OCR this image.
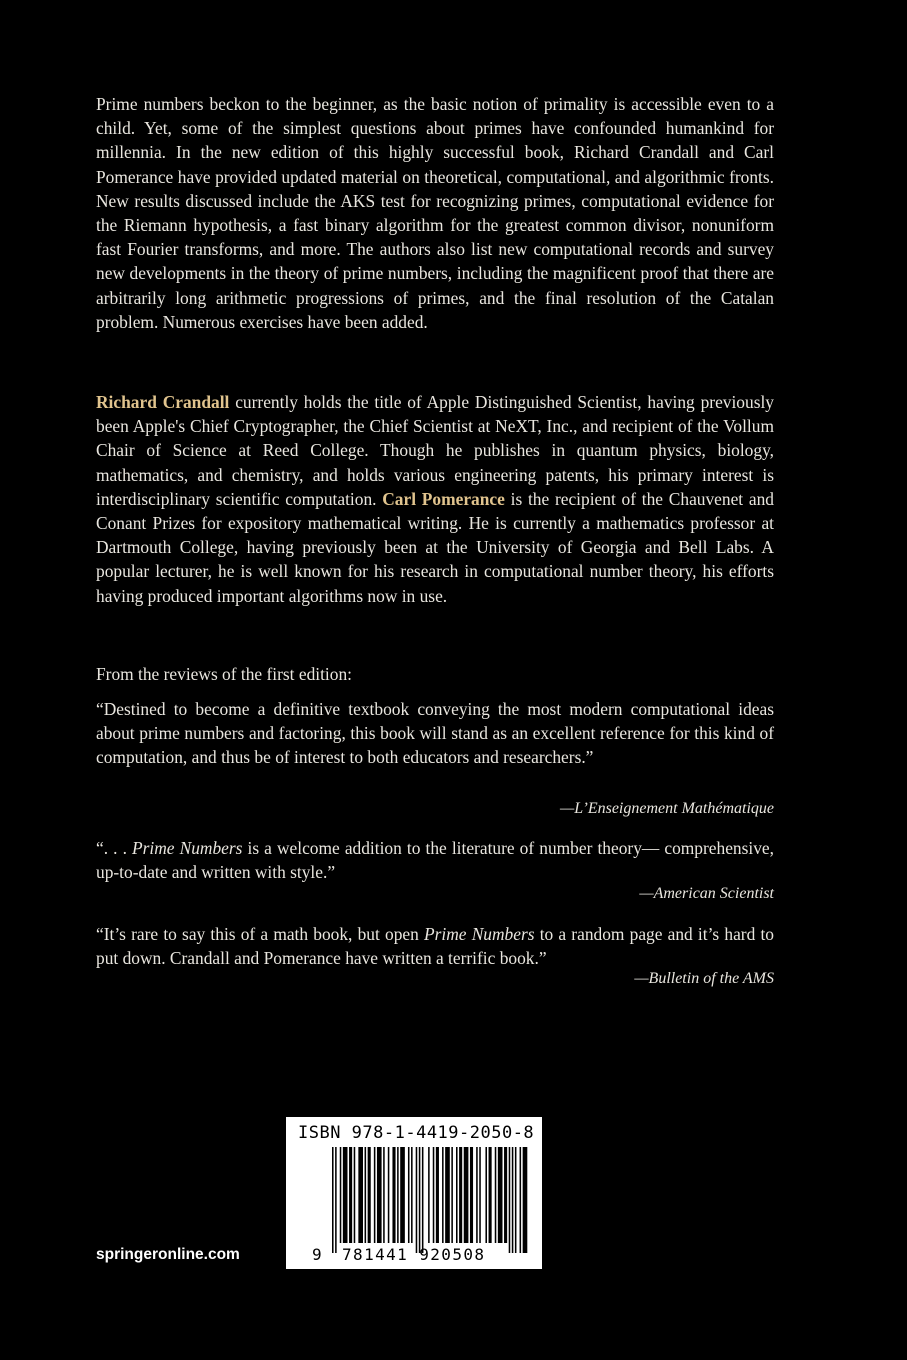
Prime numbers beckon to the beginner, as the basic notion of primality is accessible even to a child. Yet, some of the simplest questions about primes have confounded humankind for millennia. In the new edition of this highly successful book, Richard Crandall and Carl Pomerance have provided updated material on theoretical, computational, and algorithmic fronts. New results discussed include the AKS test for recognizing primes, computational evidence for the Riemann hypothesis, a fast binary algorithm for the greatest common divisor, nonuniform fast Fourier transforms, and more. The authors also list new computational records and survey new developments in the theory of prime numbers, including the magnificent proof that there are arbitrarily long arithmetic progressions of primes, and the final resolution of the Catalan problem. Numerous exercises have been added.

Richard Crandall currently holds the title of Apple Distinguished Scientist, having previously been Apple's Chief Cryptographer, the Chief Scientist at NeXT, Inc., and recipient of the Vollum Chair of Science at Reed College. Though he publishes in quantum physics, biology, mathematics, and chemistry, and holds various engineering patents, his primary interest is interdisciplinary scientific computation. Carl Pomerance is the recipient of the Chauvenet and Conant Prizes for expository mathematical writing. He is currently a mathematics professor at Dartmouth College, having previously been at the University of Georgia and Bell Labs. A popular lecturer, he is well known for his research in computational number theory, his efforts having produced important algorithms now in use.

From the reviews of the first edition:
“Destined to become a definitive textbook conveying the most modern computational ideas about prime numbers and factoring, this book will stand as an excellent reference for this kind of computation, and thus be of interest to both educators and researchers.”
—L’Enseignement Mathématique
“. . . Prime Numbers is a welcome addition to the literature of number theory— comprehensive, up-to-date and written with style.”
—American Scientist
“It’s rare to say this of a math book, but open Prime Numbers to a random page and it’s hard to put down. Crandall and Pomerance have written a terrific book.”
—Bulletin of the AMS
springeronline.com
ISBN 978-1-4419-2050-8
9 781441 920508
